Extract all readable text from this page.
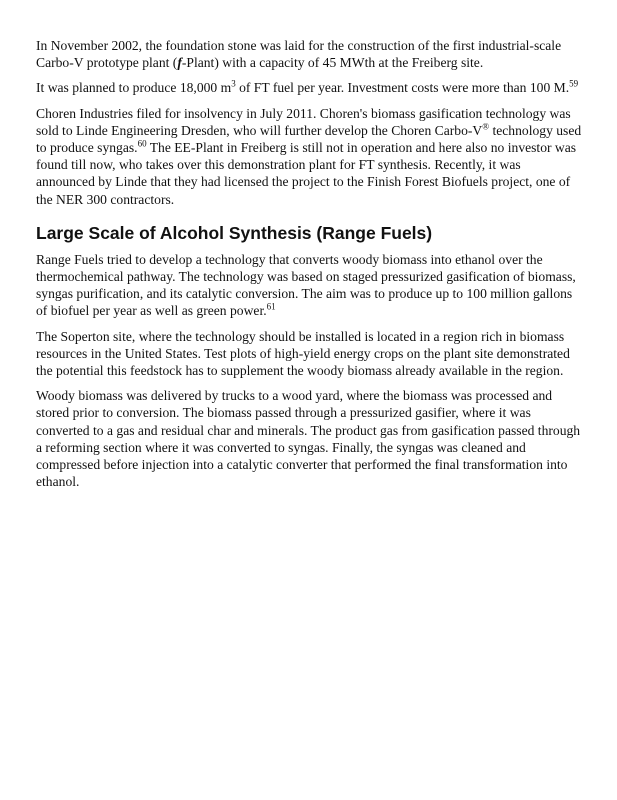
In November 2002, the foundation stone was laid for the construction of the first industrial-scale Carbo-V prototype plant (f-Plant) with a capacity of 45 MWth at the Freiberg site.

It was planned to produce 18,000 $m^3$ of FT fuel per year. Investment costs were more than 100 M.$^{59}$

Choren Industries filed for insolvency in July 2011. Choren's biomass gasification technology was sold to Linde Engineering Dresden, who will further develop the Choren Carbo-V® technology used to produce syngas.$^{60}$ The EE-Plant in Freiberg is still not in operation and here also no investor was found till now, who takes over this demonstration plant for FT synthesis. Recently, it was announced by Linde that they had licensed the project to the Finish Forest Biofuels project, one of the NER 300 contractors.

Large Scale of Alcohol Synthesis (Range Fuels)

Range Fuels tried to develop a technology that converts woody biomass into ethanol over the thermochemical pathway. The technology was based on staged pressurized gasification of biomass, syngas purification, and its catalytic conversion. The aim was to produce up to 100 million gallons of biofuel per year as well as green power.$^{61}$

The Soperton site, where the technology should be installed is located in a region rich in biomass resources in the United States. Test plots of high-yield energy crops on the plant site demonstrated the potential this feedstock has to supplement the woody biomass already available in the region.

Woody biomass was delivered by trucks to a wood yard, where the biomass was processed and stored prior to conversion. The biomass passed through a pressurized gasifier, where it was converted to a gas and residual char and minerals. The product gas from gasification passed through a reforming section where it was converted to syngas. Finally, the syngas was cleaned and compressed before injection into a catalytic converter that performed the final transformation into ethanol.
